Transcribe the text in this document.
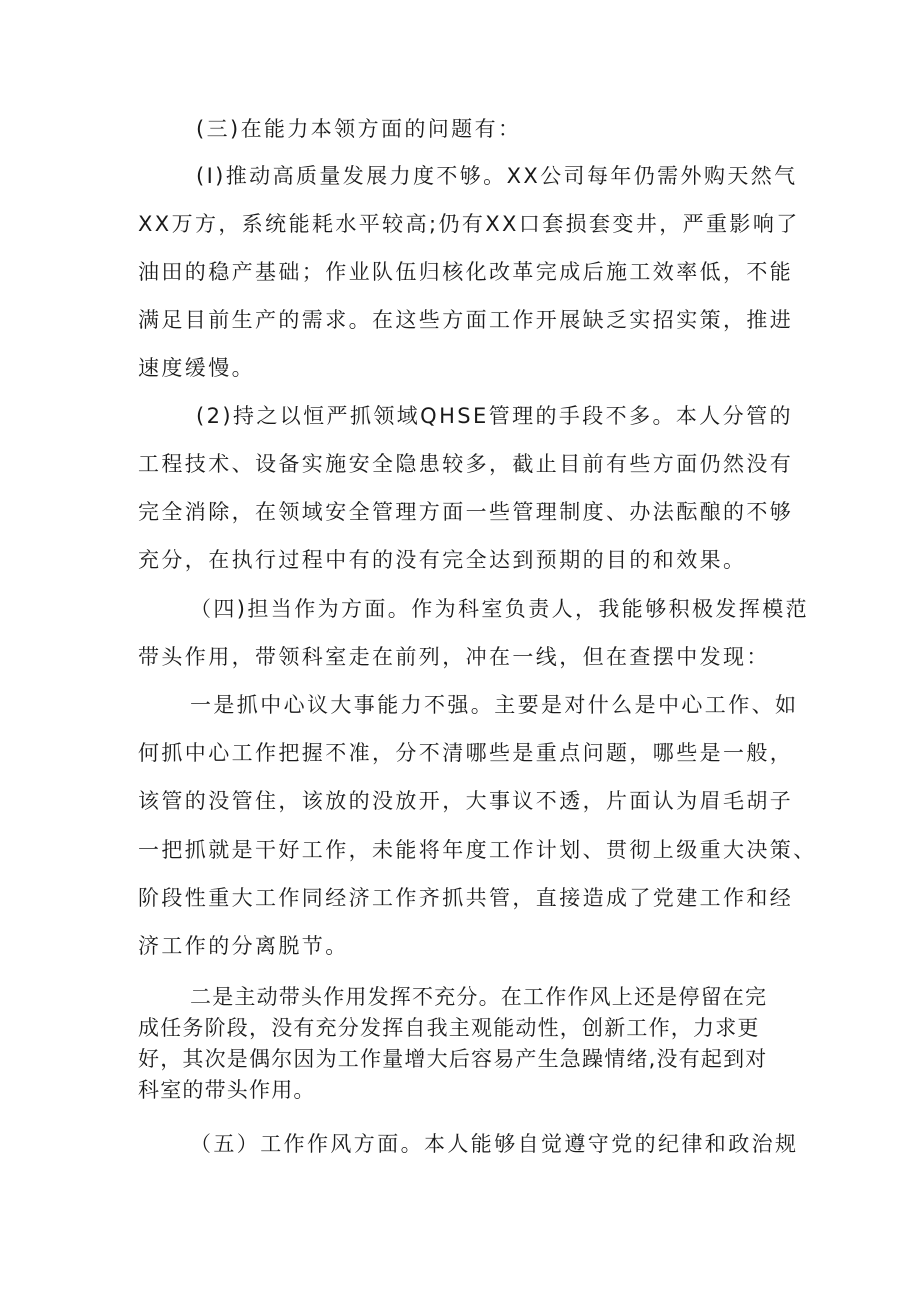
(三)在能力本领方面的问题有：
(I)推动高质量发展力度不够。XX公司每年仍需外购天然气
XX万方，系统能耗水平较高;仍有XX口套损套变井，严重影响了
油田的稳产基础；作业队伍归核化改革完成后施工效率低，不能
满足目前生产的需求。在这些方面工作开展缺乏实招实策，推进
速度缓慢。
(2)持之以恒严抓领域QHSE管理的手段不多。本人分管的
工程技术、设备实施安全隐患较多，截止目前有些方面仍然没有
完全消除，在领域安全管理方面一些管理制度、办法酝酿的不够
充分，在执行过程中有的没有完全达到预期的目的和效果。
（四)担当作为方面。作为科室负责人，我能够积极发挥模范
带头作用，带领科室走在前列，冲在一线，但在查摆中发现：
一是抓中心议大事能力不强。主要是对什么是中心工作、如
何抓中心工作把握不准，分不清哪些是重点问题，哪些是一般，
该管的没管住，该放的没放开，大事议不透，片面认为眉毛胡子
一把抓就是干好工作，未能将年度工作计划、贯彻上级重大决策、
阶段性重大工作同经济工作齐抓共管，直接造成了党建工作和经
济工作的分离脱节。
二是主动带头作用发挥不充分。在工作作风上还是停留在完
成任务阶段，没有充分发挥自我主观能动性，创新工作，力求更
好，其次是偶尔因为工作量增大后容易产生急躁情绪,没有起到对
科室的带头作用。
（五）工作作风方面。本人能够自觉遵守党的纪律和政治规
